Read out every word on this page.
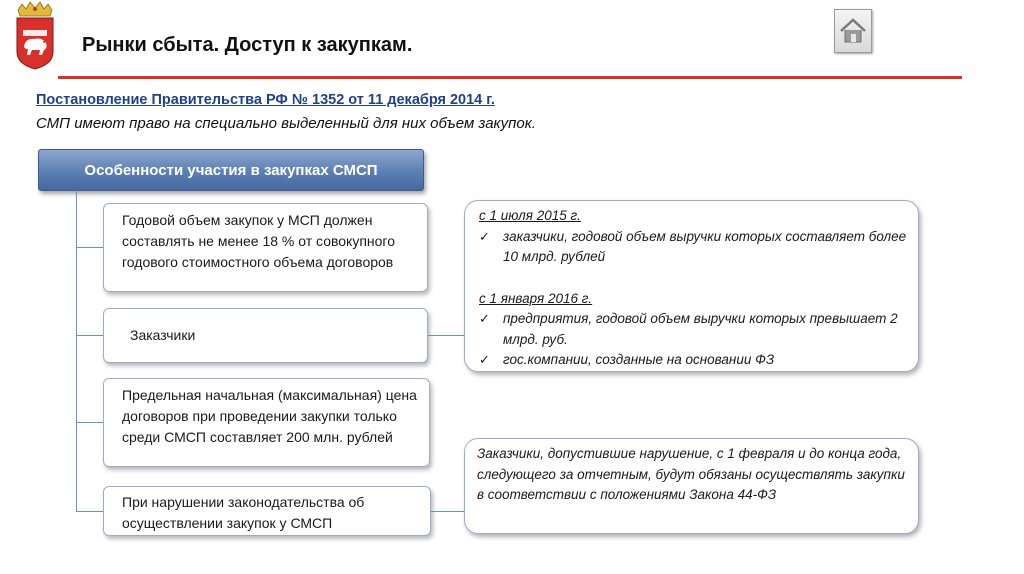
Рынки сбыта. Доступ к закупкам.
Постановление Правительства РФ № 1352 от 11 декабря 2014 г.
СМП имеют право на специально выделенный для них объем закупок.
Особенности участия в закупках СМСП
Годовой объем закупок у МСП должен составлять не менее 18 % от совокупного годового стоимостного объема договоров
Заказчики
Предельная начальная (максимальная) цена договоров при проведении закупки только среди СМСП составляет 200 млн. рублей
При нарушении законодательства об осуществлении закупок у СМСП
с 1 июля 2015 г.
✓ заказчики, годовой объем выручки которых составляет более 10 млрд. рублей
с 1 января 2016 г.
✓ предприятия, годовой объем выручки которых превышает 2 млрд. руб.
✓ гос.компании, созданные на основании ФЗ
Заказчики, допустившие нарушение, с 1 февраля и до конца года, следующего за отчетным, будут обязаны осуществлять закупки в соответствии с положениями Закона 44-ФЗ
